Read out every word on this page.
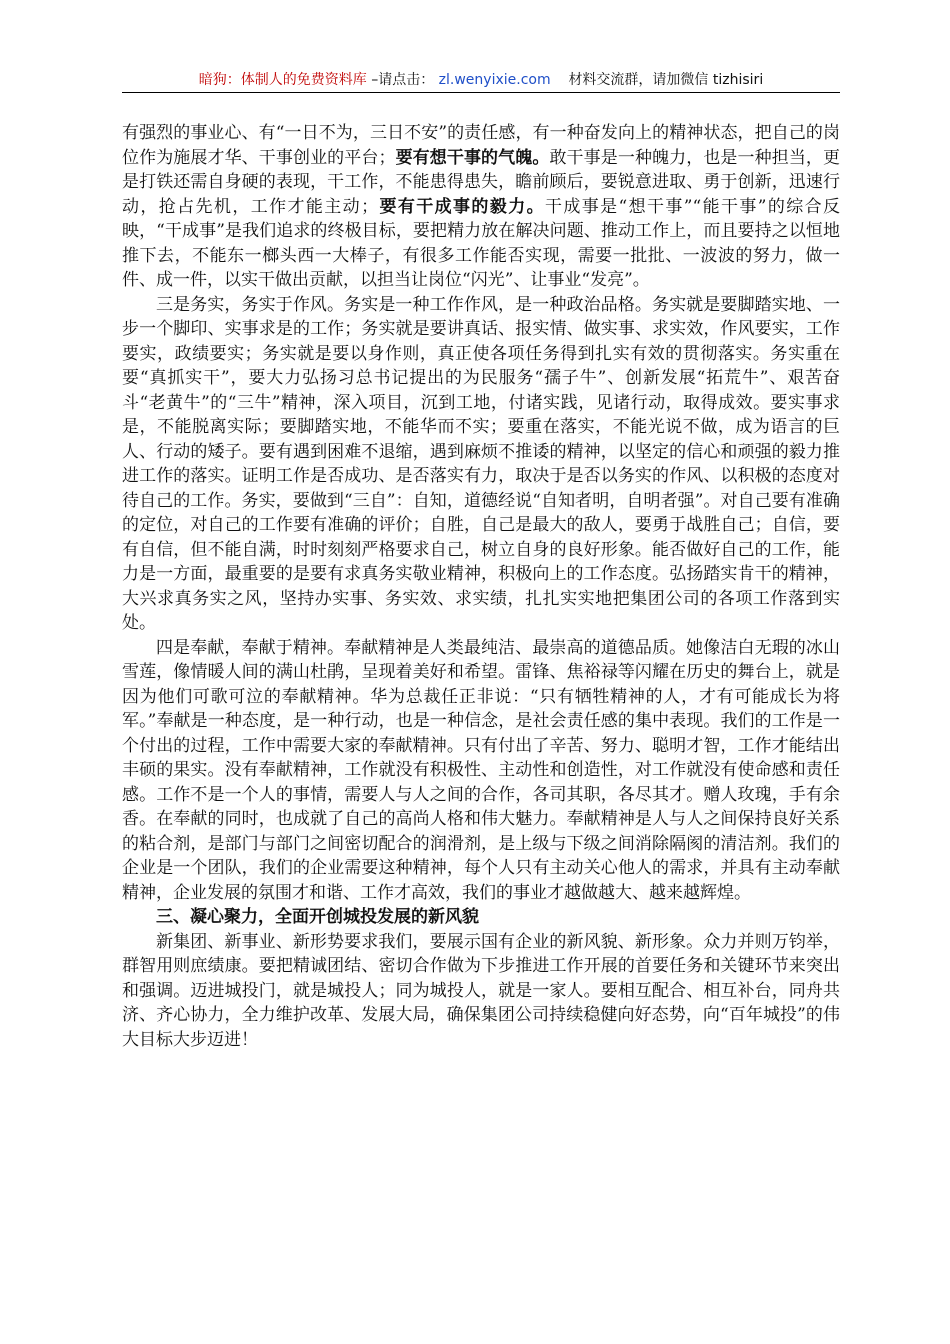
暗狗：体制人的免费资料库 –请点击： zl.wenyixie.com 材料交流群，请加微信 tizhisiri

有强烈的事业心、有“一日不为，三日不安”的责任感，有一种奋发向上的精神状态，把自己的岗位作为施展才华、干事创业的平台；要有想干事的气魄。敢干事是一种魄力，也是一种担当，更是打铁还需自身硬的表现，干工作，不能患得患失，瞻前顾后，要锐意进取、勇于创新，迅速行动，抢占先机，工作才能主动；要有干成事的毅力。干成事是“想干事”“能干事”的综合反映，“干成事”是我们追求的终极目标，要把精力放在解决问题、推动工作上，而且要持之以恒地推下去，不能东一榔头西一大棒子，有很多工作能否实现，需要一批批、一波波的努力，做一件、成一件，以实干做出贡献，以担当让岗位“闪光”、让事业“发亮”。

三是务实，务实于作风。务实是一种工作作风，是一种政治品格。务实就是要脚踏实地、一步一个脚印、实事求是的工作；务实就是要讲真话、报实情、做实事、求实效，作风要实，工作要实，政绩要实；务实就是要以身作则，真正使各项任务得到扎实有效的贯彻落实。务实重在要“真抓实干”，要大力弘扬习总书记提出的为民服务“孺子牛”、创新发展“拓荒牛”、艰苦奋斗“老黄牛”的“三牛”精神，深入项目，沉到工地，付诸实践，见诸行动，取得成效。要实事求是，不能脱离实际；要脚踏实地，不能华而不实；要重在落实，不能光说不做，成为语言的巨人、行动的矮子。要有遇到困难不退缩，遇到麻烦不推诿的精神，以坚定的信心和顽强的毅力推进工作的落实。证明工作是否成功、是否落实有力，取决于是否以务实的作风、以积极的态度对待自己的工作。务实，要做到“三自”：自知，道德经说“自知者明，自明者强”。对自己要有准确的定位，对自己的工作要有准确的评价；自胜，自己是最大的敌人，要勇于战胜自己；自信，要有自信，但不能自满，时时刻刻严格要求自己，树立自身的良好形象。能否做好自己的工作，能力是一方面，最重要的是要有求真务实敬业精神，积极向上的工作态度。弘扬踏实肯干的精神，大兴求真务实之风，坚持办实事、务实效、求实绩，扎扎实实地把集团公司的各项工作落到实处。

四是奉献，奉献于精神。奉献精神是人类最纯洁、最崇高的道德品质。她像洁白无瑕的冰山雪莲，像情暖人间的满山杜鹃，呈现着美好和希望。雷锋、焦裕禄等闪耀在历史的舞台上，就是因为他们可歌可泣的奉献精神。华为总裁任正非说：“只有牺牲精神的人，才有可能成长为将军。”奉献是一种态度，是一种行动，也是一种信念，是社会责任感的集中表现。我们的工作是一个付出的过程，工作中需要大家的奉献精神。只有付出了辛苦、努力、聪明才智，工作才能结出丰硕的果实。没有奉献精神，工作就没有积极性、主动性和创造性，对工作就没有使命感和责任感。工作不是一个人的事情，需要人与人之间的合作，各司其职，各尽其才。赠人玫瑰，手有余香。在奉献的同时，也成就了自己的高尚人格和伟大魅力。奉献精神是人与人之间保持良好关系的粘合剂，是部门与部门之间密切配合的润滑剂，是上级与下级之间消除隔阂的清洁剂。我们的企业是一个团队，我们的企业需要这种精神，每个人只有主动关心他人的需求，并具有主动奉献精神，企业发展的氛围才和谐、工作才高效，我们的事业才越做越大、越来越辉煌。

三、凝心聚力，全面开创城投发展的新风貌

新集团、新事业、新形势要求我们，要展示国有企业的新风貌、新形象。众力并则万钧举，群智用则庶绩康。要把精诚团结、密切合作做为下步推进工作开展的首要任务和关键环节来突出和强调。迈进城投门，就是城投人；同为城投人，就是一家人。要相互配合、相互补台，同舟共济、齐心协力，全力维护改革、发展大局，确保集团公司持续稳健向好态势，向“百年城投”的伟大目标大步迈进！
